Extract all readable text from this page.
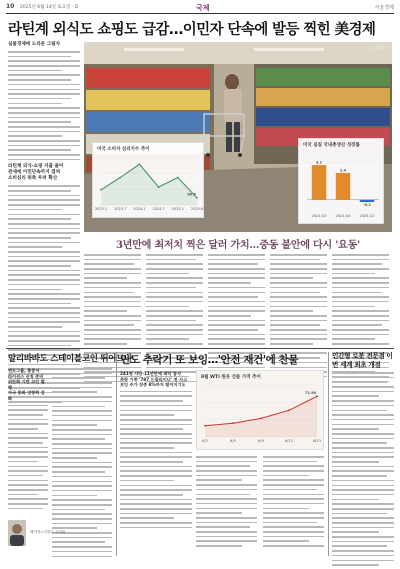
10 2025년 6월 14일 토요일 · D	국제	서울경제
라틴계 외식도 쇼핑도 급감…이민자 단속에 발등 찍힌 美경제
실물경제에 드리운 그림자
라틴계 외식·쇼핑 지출 줄어
관세에 이민단속까지 겹쳐
소비심리 위축 우려 확산
미국 소비자 심리지수 추이
2023.1 2023.7 2024.1 2024.7 2025.1 2025.6
60.5
미국 실질 국내총생산 성장률
3.1
2024.Q3
2.4
2024.Q4
-0.2
2025.Q1
AP연합뉴스
3년만에 최저치 찍은 달러 가치…중동 불안에 다시 '요동'
알리바바도 스테이블코인 뛰어드나
앤트그룹, 홍콩서
라이선스 신청 준비
위안화 기반 코인 발행
자국 통화 영향력 강화
베이징=김광수 특파원
인도 추락기 또 보잉…'안전 재건'에 찬물
241명 사망·11년만에 최악 참사
추락 기종 '787 드림라이너' 첫 사고
보잉 주가 장중 8%까지 떨어지기도
8월 WTI 원유 선물 가격 추이
6/2	6/5	6/9	6/12	6/13
72.98
인간형 로봇 전문점 이번 세계 최초 개점
